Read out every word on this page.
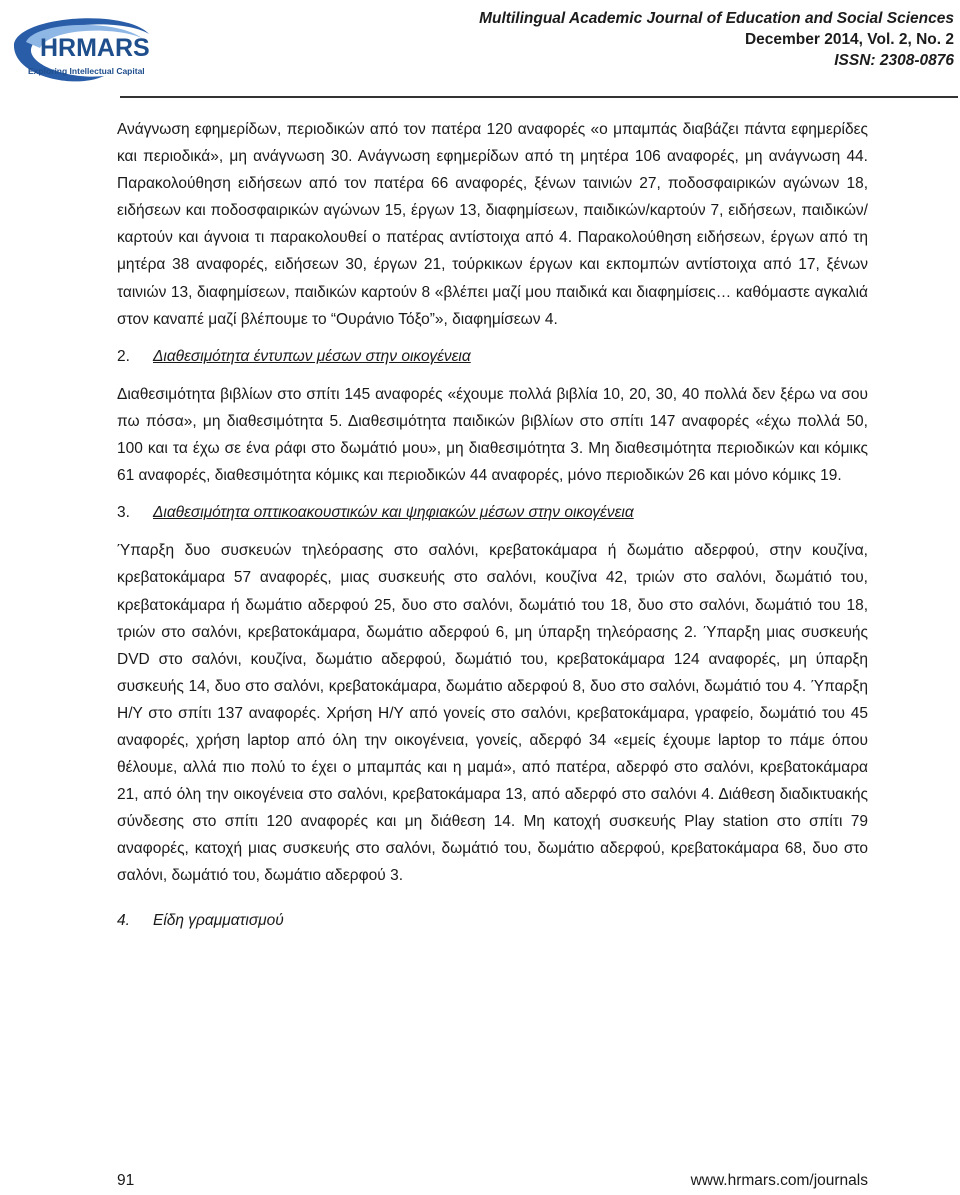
HRMARS
Exploring Intellectual Capital
Multilingual Academic Journal of Education and Social Sciences
December 2014, Vol. 2, No. 2
ISSN: 2308-0876

Ανάγνωση εφημερίδων, περιοδικών από τον πατέρα 120 αναφορές «ο μπαμπάς διαβάζει πάντα εφημερίδες και περιοδικά», μη ανάγνωση 30. Ανάγνωση εφημερίδων από τη μητέρα 106 αναφορές, μη ανάγνωση 44. Παρακολούθηση ειδήσεων από τον πατέρα 66 αναφορές, ξένων ταινιών 27, ποδοσφαιρικών αγώνων 18, ειδήσεων και ποδοσφαιρικών αγώνων 15, έργων 13, διαφημίσεων, παιδικών/καρτούν 7, ειδήσεων, παιδικών/καρτούν και άγνοια τι παρακολουθεί ο πατέρας αντίστοιχα από 4. Παρακολούθηση ειδήσεων, έργων από τη μητέρα 38 αναφορές, ειδήσεων 30, έργων 21, τούρκικων έργων και εκπομπών αντίστοιχα από 17, ξένων ταινιών 13, διαφημίσεων, παιδικών καρτούν 8 «βλέπει μαζί μου παιδικά και διαφημίσεις… καθόμαστε αγκαλιά στον καναπέ μαζί βλέπουμε το “Ουράνιο Τόξο”», διαφημίσεων 4.

2.	Διαθεσιμότητα έντυπων μέσων στην οικογένεια

Διαθεσιμότητα βιβλίων στο σπίτι 145 αναφορές «έχουμε πολλά βιβλία 10, 20, 30, 40 πολλά δεν ξέρω να σου πω πόσα», μη διαθεσιμότητα 5. Διαθεσιμότητα παιδικών βιβλίων στο σπίτι 147 αναφορές «έχω πολλά 50, 100 και τα έχω σε ένα ράφι στο δωμάτιό μου», μη διαθεσιμότητα 3. Μη διαθεσιμότητα περιοδικών και κόμικς 61 αναφορές, διαθεσιμότητα κόμικς και περιοδικών 44 αναφορές, μόνο περιοδικών 26 και μόνο κόμικς 19.

3.	Διαθεσιμότητα οπτικοακουστικών και ψηφιακών μέσων στην οικογένεια

Ύπαρξη δυο συσκευών τηλεόρασης στο σαλόνι, κρεβατοκάμαρα ή δωμάτιο αδερφού, στην κουζίνα, κρεβατοκάμαρα 57 αναφορές, μιας συσκευής στο σαλόνι, κουζίνα 42, τριών στο σαλόνι, δωμάτιό του, κρεβατοκάμαρα ή δωμάτιο αδερφού 25, δυο στο σαλόνι, δωμάτιό του 18, δυο στο σαλόνι, δωμάτιό του 18, τριών στο σαλόνι, κρεβατοκάμαρα, δωμάτιο αδερφού 6, μη ύπαρξη τηλεόρασης 2. Ύπαρξη μιας συσκευής DVD στο σαλόνι, κουζίνα, δωμάτιο αδερφού, δωμάτιό του, κρεβατοκάμαρα 124 αναφορές, μη ύπαρξη συσκευής 14, δυο στο σαλόνι, κρεβατοκάμαρα, δωμάτιο αδερφού 8, δυο στο σαλόνι, δωμάτιό του 4. Ύπαρξη Η/Υ στο σπίτι 137 αναφορές. Χρήση Η/Υ από γονείς στο σαλόνι, κρεβατοκάμαρα, γραφείο, δωμάτιό του 45 αναφορές, χρήση laptop από όλη την οικογένεια, γονείς, αδερφό 34 «εμείς έχουμε laptop το πάμε όπου θέλουμε, αλλά πιο πολύ το έχει ο μπαμπάς και η μαμά», από πατέρα, αδερφό στο σαλόνι, κρεβατοκάμαρα 21, από όλη την οικογένεια στο σαλόνι, κρεβατοκάμαρα 13, από αδερφό στο σαλόνι 4. Διάθεση διαδικτυακής σύνδεσης στο σπίτι 120 αναφορές και μη διάθεση 14. Μη κατοχή συσκευής Play station στο σπίτι 79 αναφορές, κατοχή μιας συσκευής στο σαλόνι, δωμάτιό του, δωμάτιο αδερφού, κρεβατοκάμαρα 68, δυο στο σαλόνι, δωμάτιό του, δωμάτιο αδερφού 3.

4.	Είδη γραμματισμού
91	www.hrmars.com/journals
